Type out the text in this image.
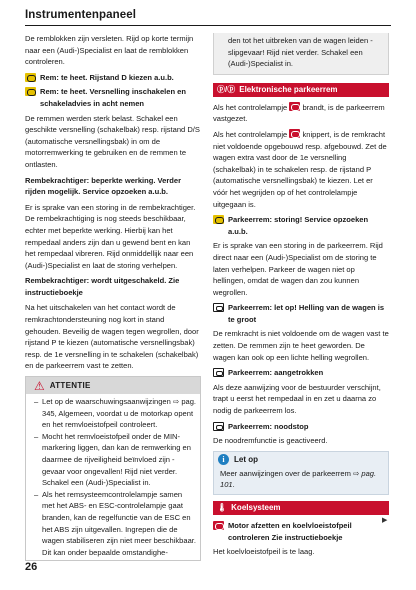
Instrumentenpaneel

De remblokken zijn versleten. Rijd op korte termijn naar een (Audi-)Specialist en laat de remblokken controleren.

Rem: te heet. Rijstand D kiezen a.u.b.
Rem: te heet. Versnelling inschakelen en schakeladvies in acht nemen

De remmen werden sterk belast. Schakel een geschikte versnelling (schakelbak) resp. rijstand D/S (automatische versnellingsbak) in om de motorremwerking te gebruiken en de remmen te ontlasten.

Rembekrachtiger: beperkte werking. Verder rijden mogelijk. Service opzoeken a.u.b.

Er is sprake van een storing in de rembekrachtiger. De rembekrachtiging is nog steeds beschikbaar, echter met beperkte werking. Hierbij kan het rempedaal anders zijn dan u gewend bent en kan het rempedaal vibreren. Rijd onmiddellijk naar een (Audi-)Specialist en laat de storing verhelpen.

Rembekrachtiger: wordt uitgeschakeld. Zie instructieboekje

Na het uitschakelen van het contact wordt de remkrachtondersteuning nog kort in stand gehouden. Beveilig de wagen tegen wegrollen, door rijstand P te kiezen (automatische versnellingsbak) resp. de 1e versnelling in te schakelen (schakelbak) en de parkeerrem vast te zetten.

⚠ ATTENTIE
– Let op de waarschuwingsaanwijzingen ⇨ pag. 345, Algemeen, voordat u de motorkap opent en het remvloeistofpeil controleert.
– Mocht het remvloeistofpeil onder de MIN-markering liggen, dan kan de remwerking en daarmee de rijveiligheid beïnvloed zijn - gevaar voor ongevallen! Rijd niet verder. Schakel een (Audi-)Specialist in.
– Als het remsysteemcontrolelampje samen met het ABS- en ESC-controlelampje gaat branden, kan de regelfunctie van de ESC en het ABS zijn uitgevallen. Ingrepen die de wagen stabiliseren zijn niet meer beschikbaar. Dit kan onder bepaalde omstandighe-
den tot het uitbreken van de wagen leiden - slipgevaar! Rijd niet verder. Schakel een (Audi-)Specialist in.
ⓟ/ⓟ Elektronische parkeerrem

Als het controlelampje brandt, is de parkeerrem vastgezet.

Als het controlelampje knippert, is de remkracht niet voldoende opgebouwd resp. afgebouwd. Zet de wagen extra vast door de 1e versnelling (schakelbak) in te schakelen resp. de rijstand P (automatische versnellingsbak) te kiezen. Let er vóór het wegrijden op of het controlelampje uitgegaan is.

Parkeerrem: storing! Service opzoeken a.u.b.

Er is sprake van een storing in de parkeerrem. Rijd direct naar een (Audi-)Specialist om de storing te laten verhelpen. Parkeer de wagen niet op hellingen, omdat de wagen dan zou kunnen wegrollen.

Parkeerrem: let op! Helling van de wagen is te groot

De remkracht is niet voldoende om de wagen vast te zetten. De remmen zijn te heet geworden. De wagen kan ook op een lichte helling wegrollen.

Parkeerrem: aangetrokken

Als deze aanwijzing voor de bestuurder verschijnt, trapt u eerst het rempedaal in en zet u daarna zo nodig de parkeerrem los.

Parkeerrem: noodstop

De noodremfunctie is geactiveerd.

i	Let op
Meer aanwijzingen over de parkeerrem ⇨ pag. 101.
🌡 Koelsysteem
Motor afzetten en koelvloeistofpeil controleren Zie instructieboekje

Het koelvloeistofpeil is te laag.

▶
26
